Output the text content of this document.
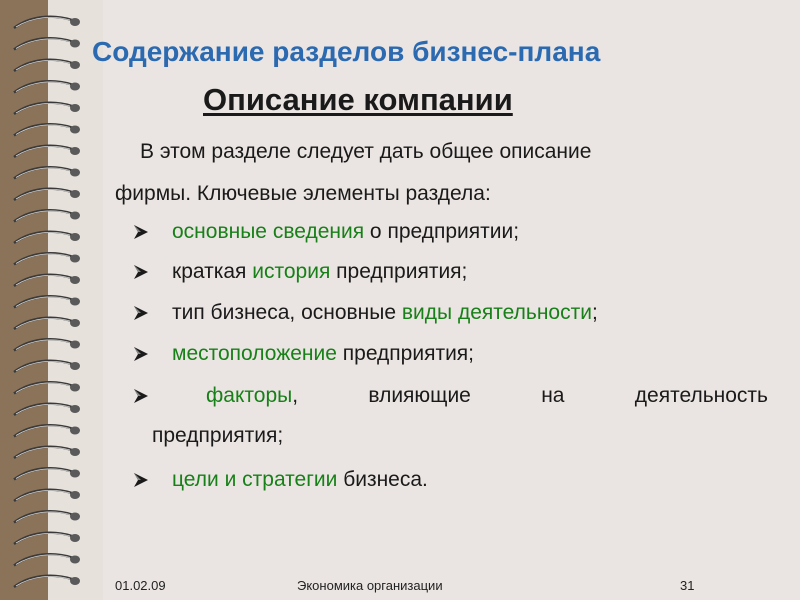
Содержание разделов бизнес-плана
Описание компании
В этом разделе следует дать общее описание
фирмы. Ключевые элементы раздела:
основные сведения о предприятии;
краткая история предприятия;
тип бизнеса, основные виды деятельности;
местоположение предприятия;
факторы,	влияющие	на	деятельность
предприятия;
цели и стратегии бизнеса.
01.02.09	Экономика организации	31
